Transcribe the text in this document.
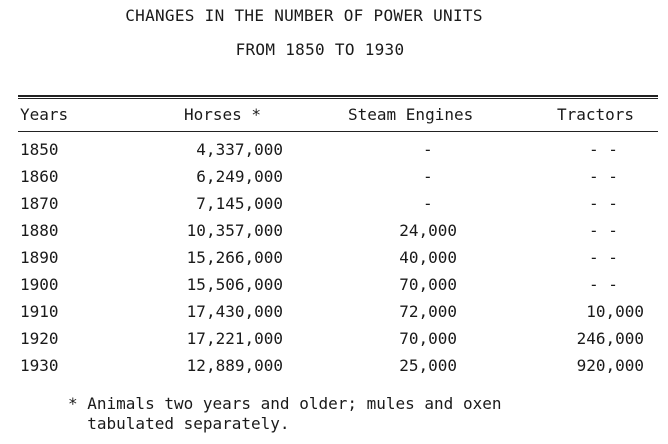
CHANGES IN THE NUMBER OF POWER UNITS
FROM 1850 TO 1930
Years	Horses *	Steam Engines	Tractors
1850	4,337,000	-	- -
1860	6,249,000	-	- -
1870	7,145,000	-	- -
1880	10,357,000	24,000	- -
1890	15,266,000	40,000	- -
1900	15,506,000	70,000	- -
1910	17,430,000	72,000	10,000
1920	17,221,000	70,000	246,000
1930	12,889,000	25,000	920,000
* Animals two years and older; mules and oxen
tabulated separately.
